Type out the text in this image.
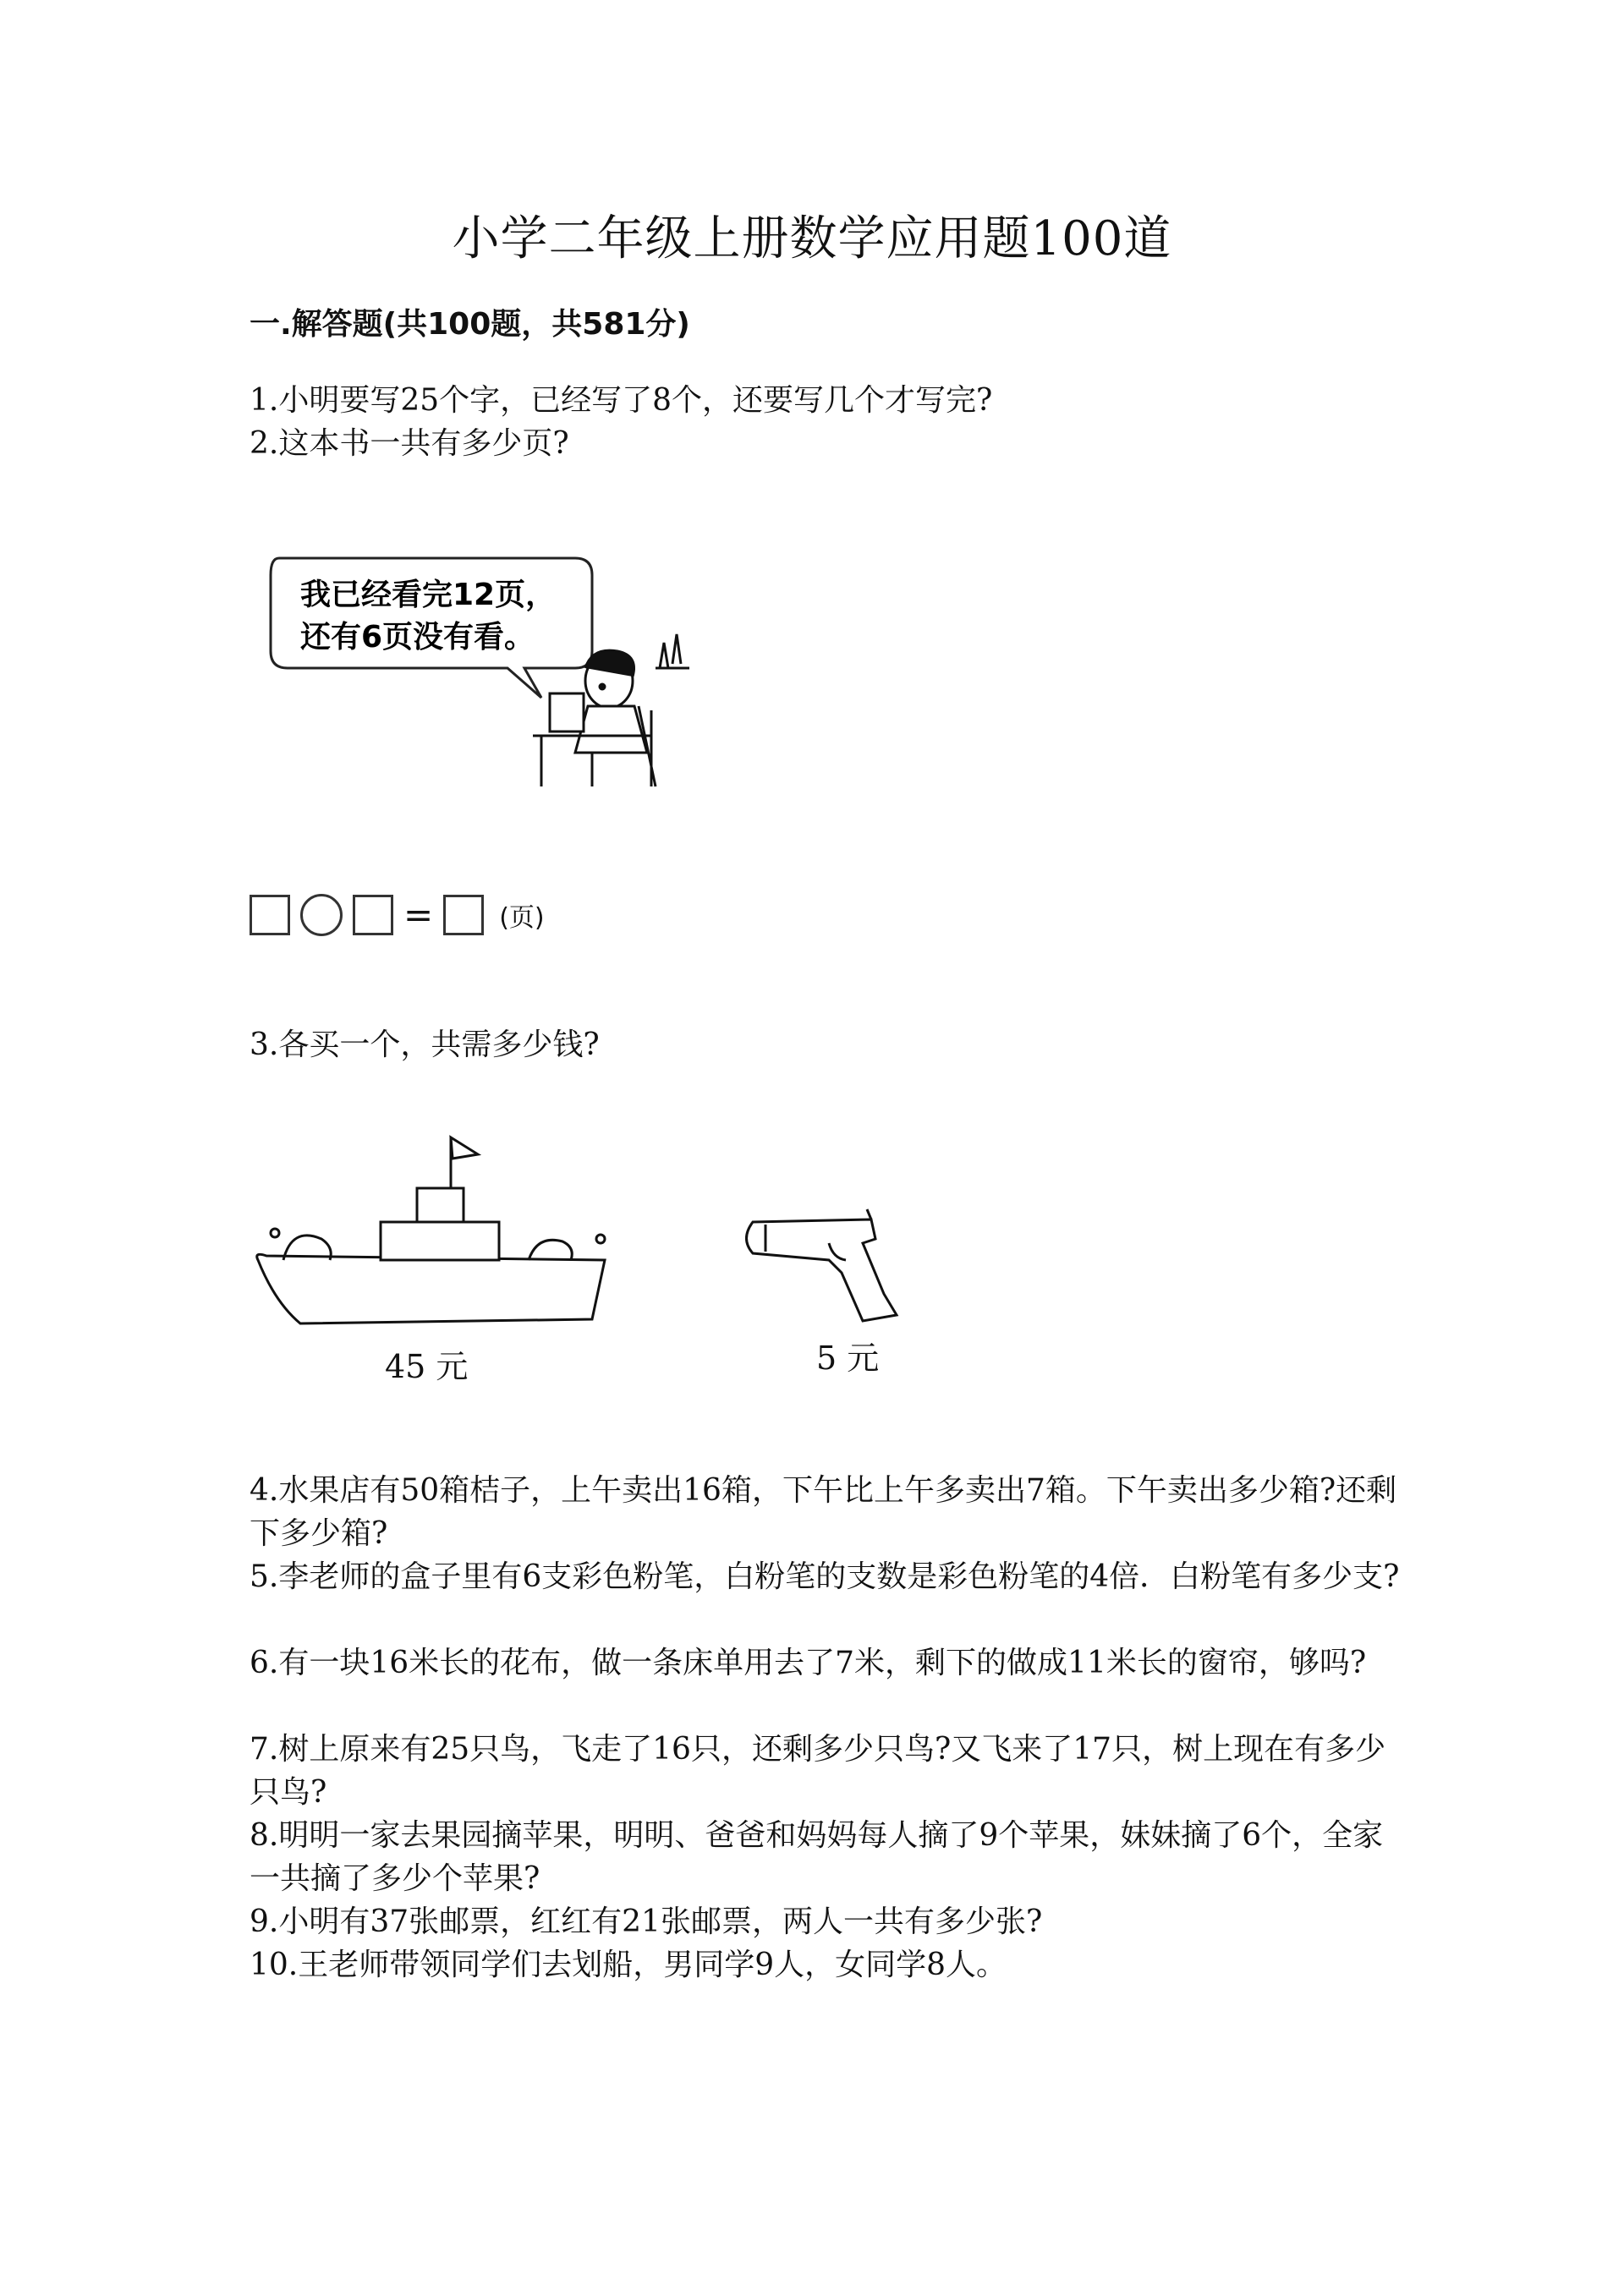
小学二年级上册数学应用题100道
一.解答题(共100题，共581分)
1.小明要写25个字，已经写了8个，还要写几个才写完?
2.这本书一共有多少页?
我已经看完12页，
还有6页没有看。
=	(页)
3.各买一个，共需多少钱?
45 元	5 元
4.水果店有50箱桔子，上午卖出16箱，下午比上午多卖出7箱。下午卖出多少箱?还剩下多少箱?
5.李老师的盒子里有6支彩色粉笔，白粉笔的支数是彩色粉笔的4倍．白粉笔有多少支?
6.有一块16米长的花布，做一条床单用去了7米，剩下的做成11米长的窗帘，够吗?
7.树上原来有25只鸟，飞走了16只，还剩多少只鸟?又飞来了17只，树上现在有多少只鸟?
8.明明一家去果园摘苹果，明明、爸爸和妈妈每人摘了9个苹果，妹妹摘了6个，全家一共摘了多少个苹果?
9.小明有37张邮票，红红有21张邮票，两人一共有多少张?
10.王老师带领同学们去划船，男同学9人，女同学8人。
